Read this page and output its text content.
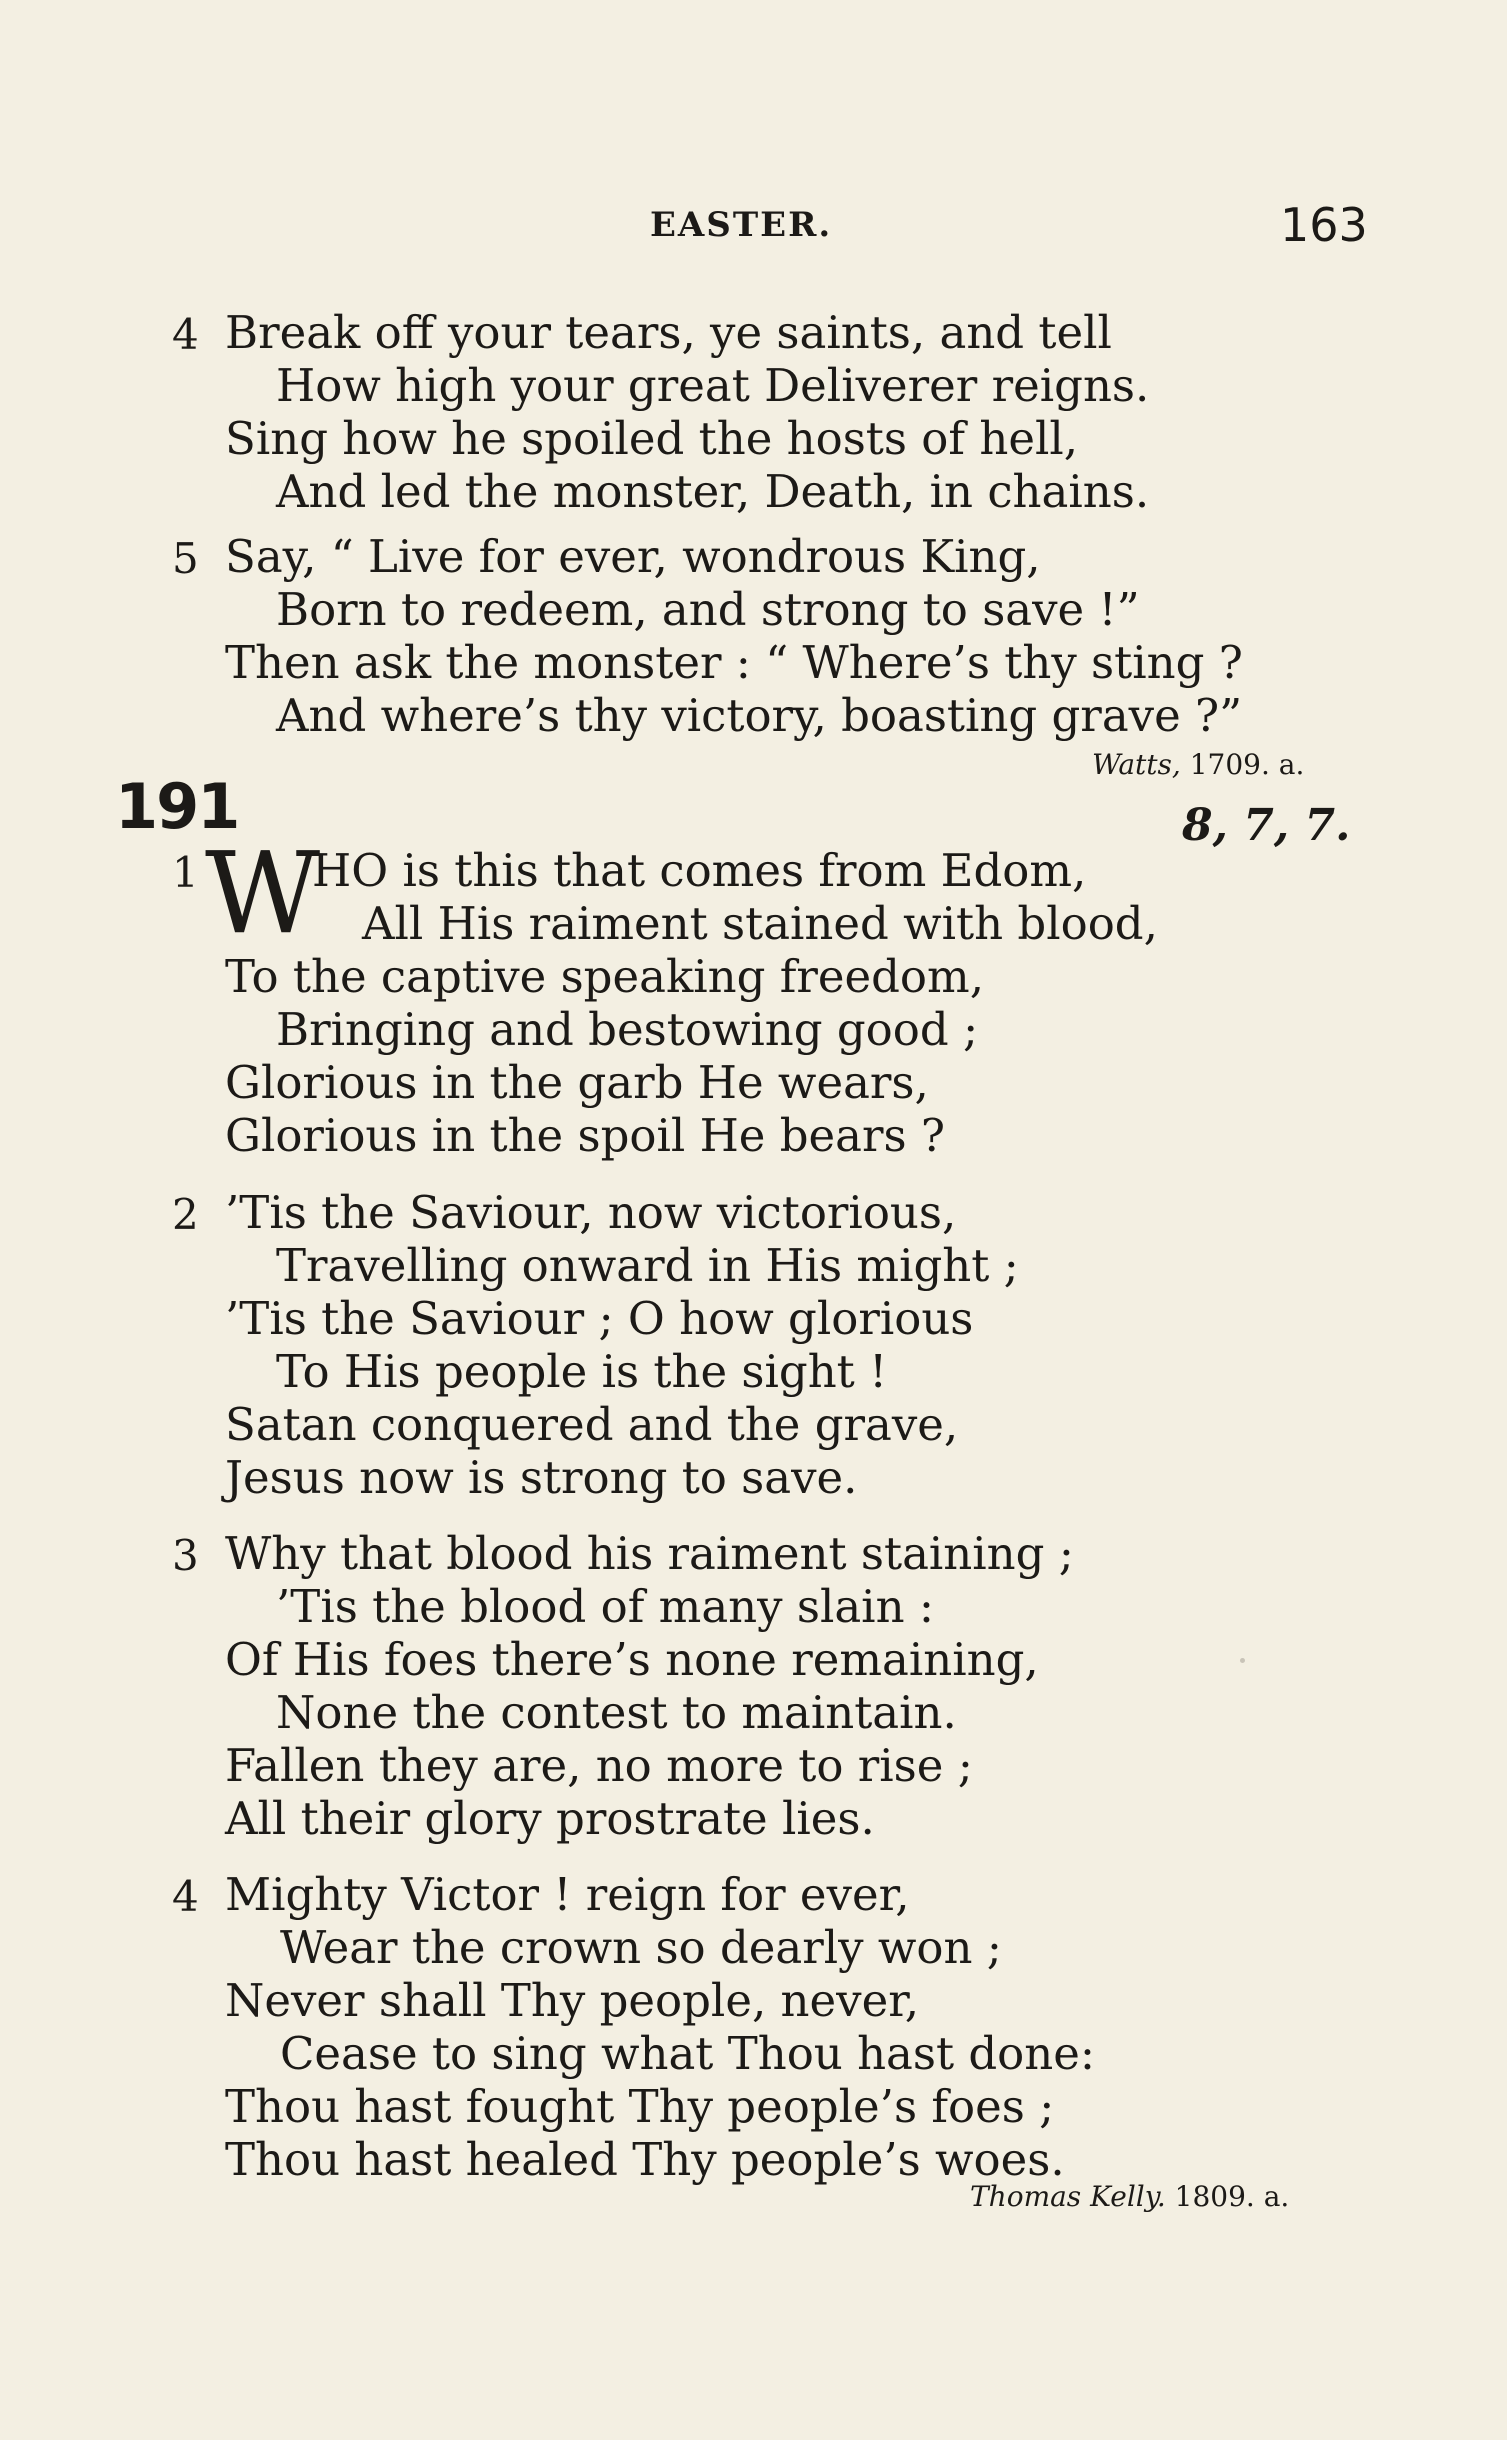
EASTER.	163
4 Break off your tears, ye saints, and tell
How high your great Deliverer reigns.
Sing how he spoiled the hosts of hell,
And led the monster, Death, in chains.
5 Say, “ Live for ever, wondrous King,
Born to redeem, and strong to save !”
Then ask the monster : “ Where’s thy sting ?
And where’s thy victory, boasting grave ?”
Watts, 1709. a.
191	8, 7, 7.
1 W
HO is this that comes from Edom,
All His raiment stained with blood,
To the captive speaking freedom,
Bringing and bestowing good ;
Glorious in the garb He wears,
Glorious in the spoil He bears ?
2 ’Tis the Saviour, now victorious,
Travelling onward in His might ;
’Tis the Saviour ; O how glorious
To His people is the sight !
Satan conquered and the grave,
Jesus now is strong to save.
3 Why that blood his raiment staining ;
’Tis the blood of many slain :
Of His foes there’s none remaining,
None the contest to maintain.
Fallen they are, no more to rise ;
All their glory prostrate lies.
4 Mighty Victor ! reign for ever,
Wear the crown so dearly won ;
Never shall Thy people, never,
Cease to sing what Thou hast done:
Thou hast fought Thy people’s foes ;
Thou hast healed Thy people’s woes.
Thomas Kelly. 1809. a.
